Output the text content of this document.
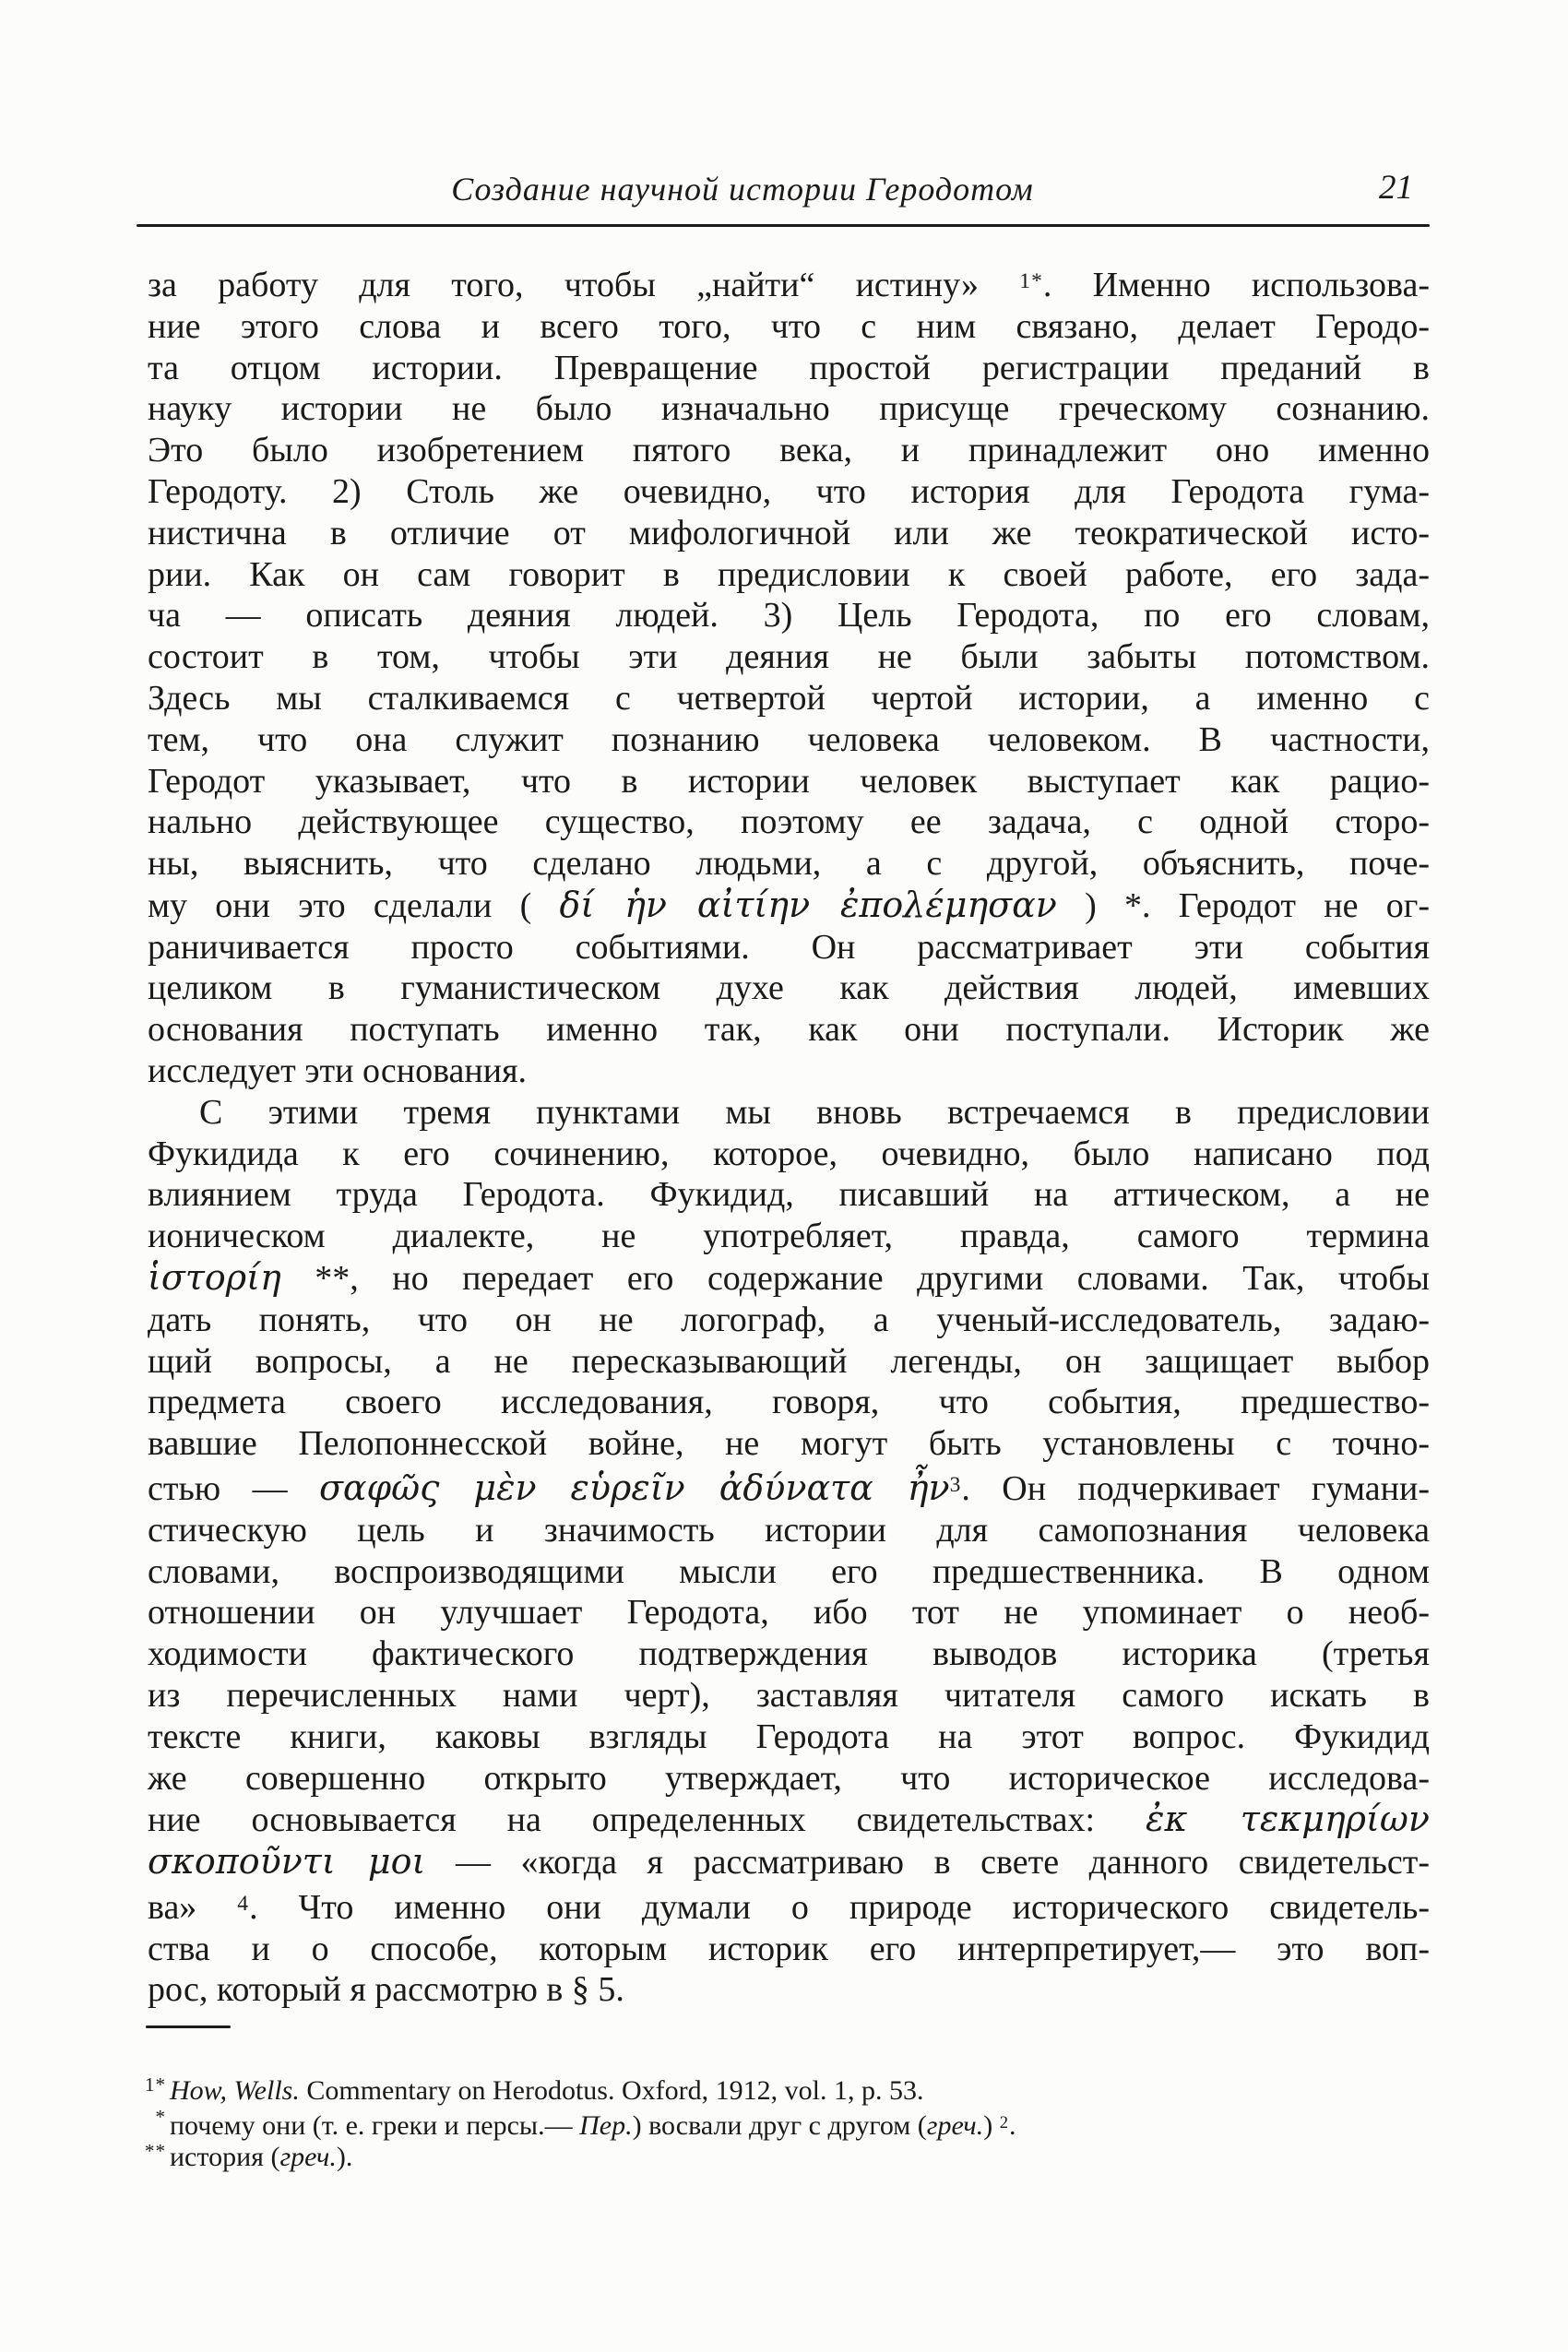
Создание научной истории Геродотом	21
за работу для того, чтобы „найти“ истину» $^{1*}$. Именно использова-
ние этого слова и всего того, что с ним связано, делает Геродо-
та отцом истории. Превращение простой регистрации преданий в
науку истории не было изначально присуще греческому сознанию.
Это было изобретением пятого века, и принадлежит оно именно
Геродоту. 2) Столь же очевидно, что история для Геродота гума-
нистична в отличие от мифологичной или же теократической исто-
рии. Как он сам говорит в предисловии к своей работе, его зада-
ча — описать деяния людей. 3) Цель Геродота, по его словам,
состоит в том, чтобы эти деяния не были забыты потомством.
Здесь мы сталкиваемся с четвертой чертой истории, а именно с
тем, что она служит познанию человека человеком. В частности,
Геродот указывает, что в истории человек выступает как рацио-
нально действующее существо, поэтому ее задача, с одной сторо-
ны, выяснить, что сделано людьми, а с другой, объяснить, поче-
му они это сделали ( δί ἡν αἰτίην ἐπολέμησαν ) *. Геродот не ог-
раничивается просто событиями. Он рассматривает эти события
целиком в гуманистическом духе как действия людей, имевших
основания поступать именно так, как они поступали. Историк же
исследует эти основания.
С этими тремя пунктами мы вновь встречаемся в предисловии
Фукидида к его сочинению, которое, очевидно, было написано под
влиянием труда Геродота. Фукидид, писавший на аттическом, а не
ионическом диалекте, не употребляет, правда, самого термина
ἱστορίη **, но передает его содержание другими словами. Так, чтобы
дать понять, что он не логограф, а ученый-исследователь, задаю-
щий вопросы, а не пересказывающий легенды, он защищает выбор
предмета своего исследования, говоря, что события, предшество-
вавшие Пелопоннесской войне, не могут быть установлены с точно-
стью — σαφῶς μὲν εὑρεῖν ἀδύνατα ἦν$^3$. Он подчеркивает гумани-
стическую цель и значимость истории для самопознания человека
словами, воспроизводящими мысли его предшественника. В одном
отношении он улучшает Геродота, ибо тот не упоминает о необ-
ходимости фактического подтверждения выводов историка (третья
из перечисленных нами черт), заставляя читателя самого искать в
тексте книги, каковы взгляды Геродота на этот вопрос. Фукидид
же совершенно открыто утверждает, что историческое исследова-
ние основывается на определенных свидетельствах: ἐκ τεκμηρίων
σκοποῦντι μοι — «когда я рассматриваю в свете данного свидетельст-
ва» $^4$. Что именно они думали о природе исторического свидетель-
ства и о способе, которым историк его интерпретирует,— это воп-
рос, который я рассмотрю в § 5.
1* How, Wells. Commentary on Herodotus. Oxford, 1912, vol. 1, p. 53.
* почему они (т. е. греки и персы.— Пер.) восвали друг с другом (греч.) $^2$.
** история (греч.).
